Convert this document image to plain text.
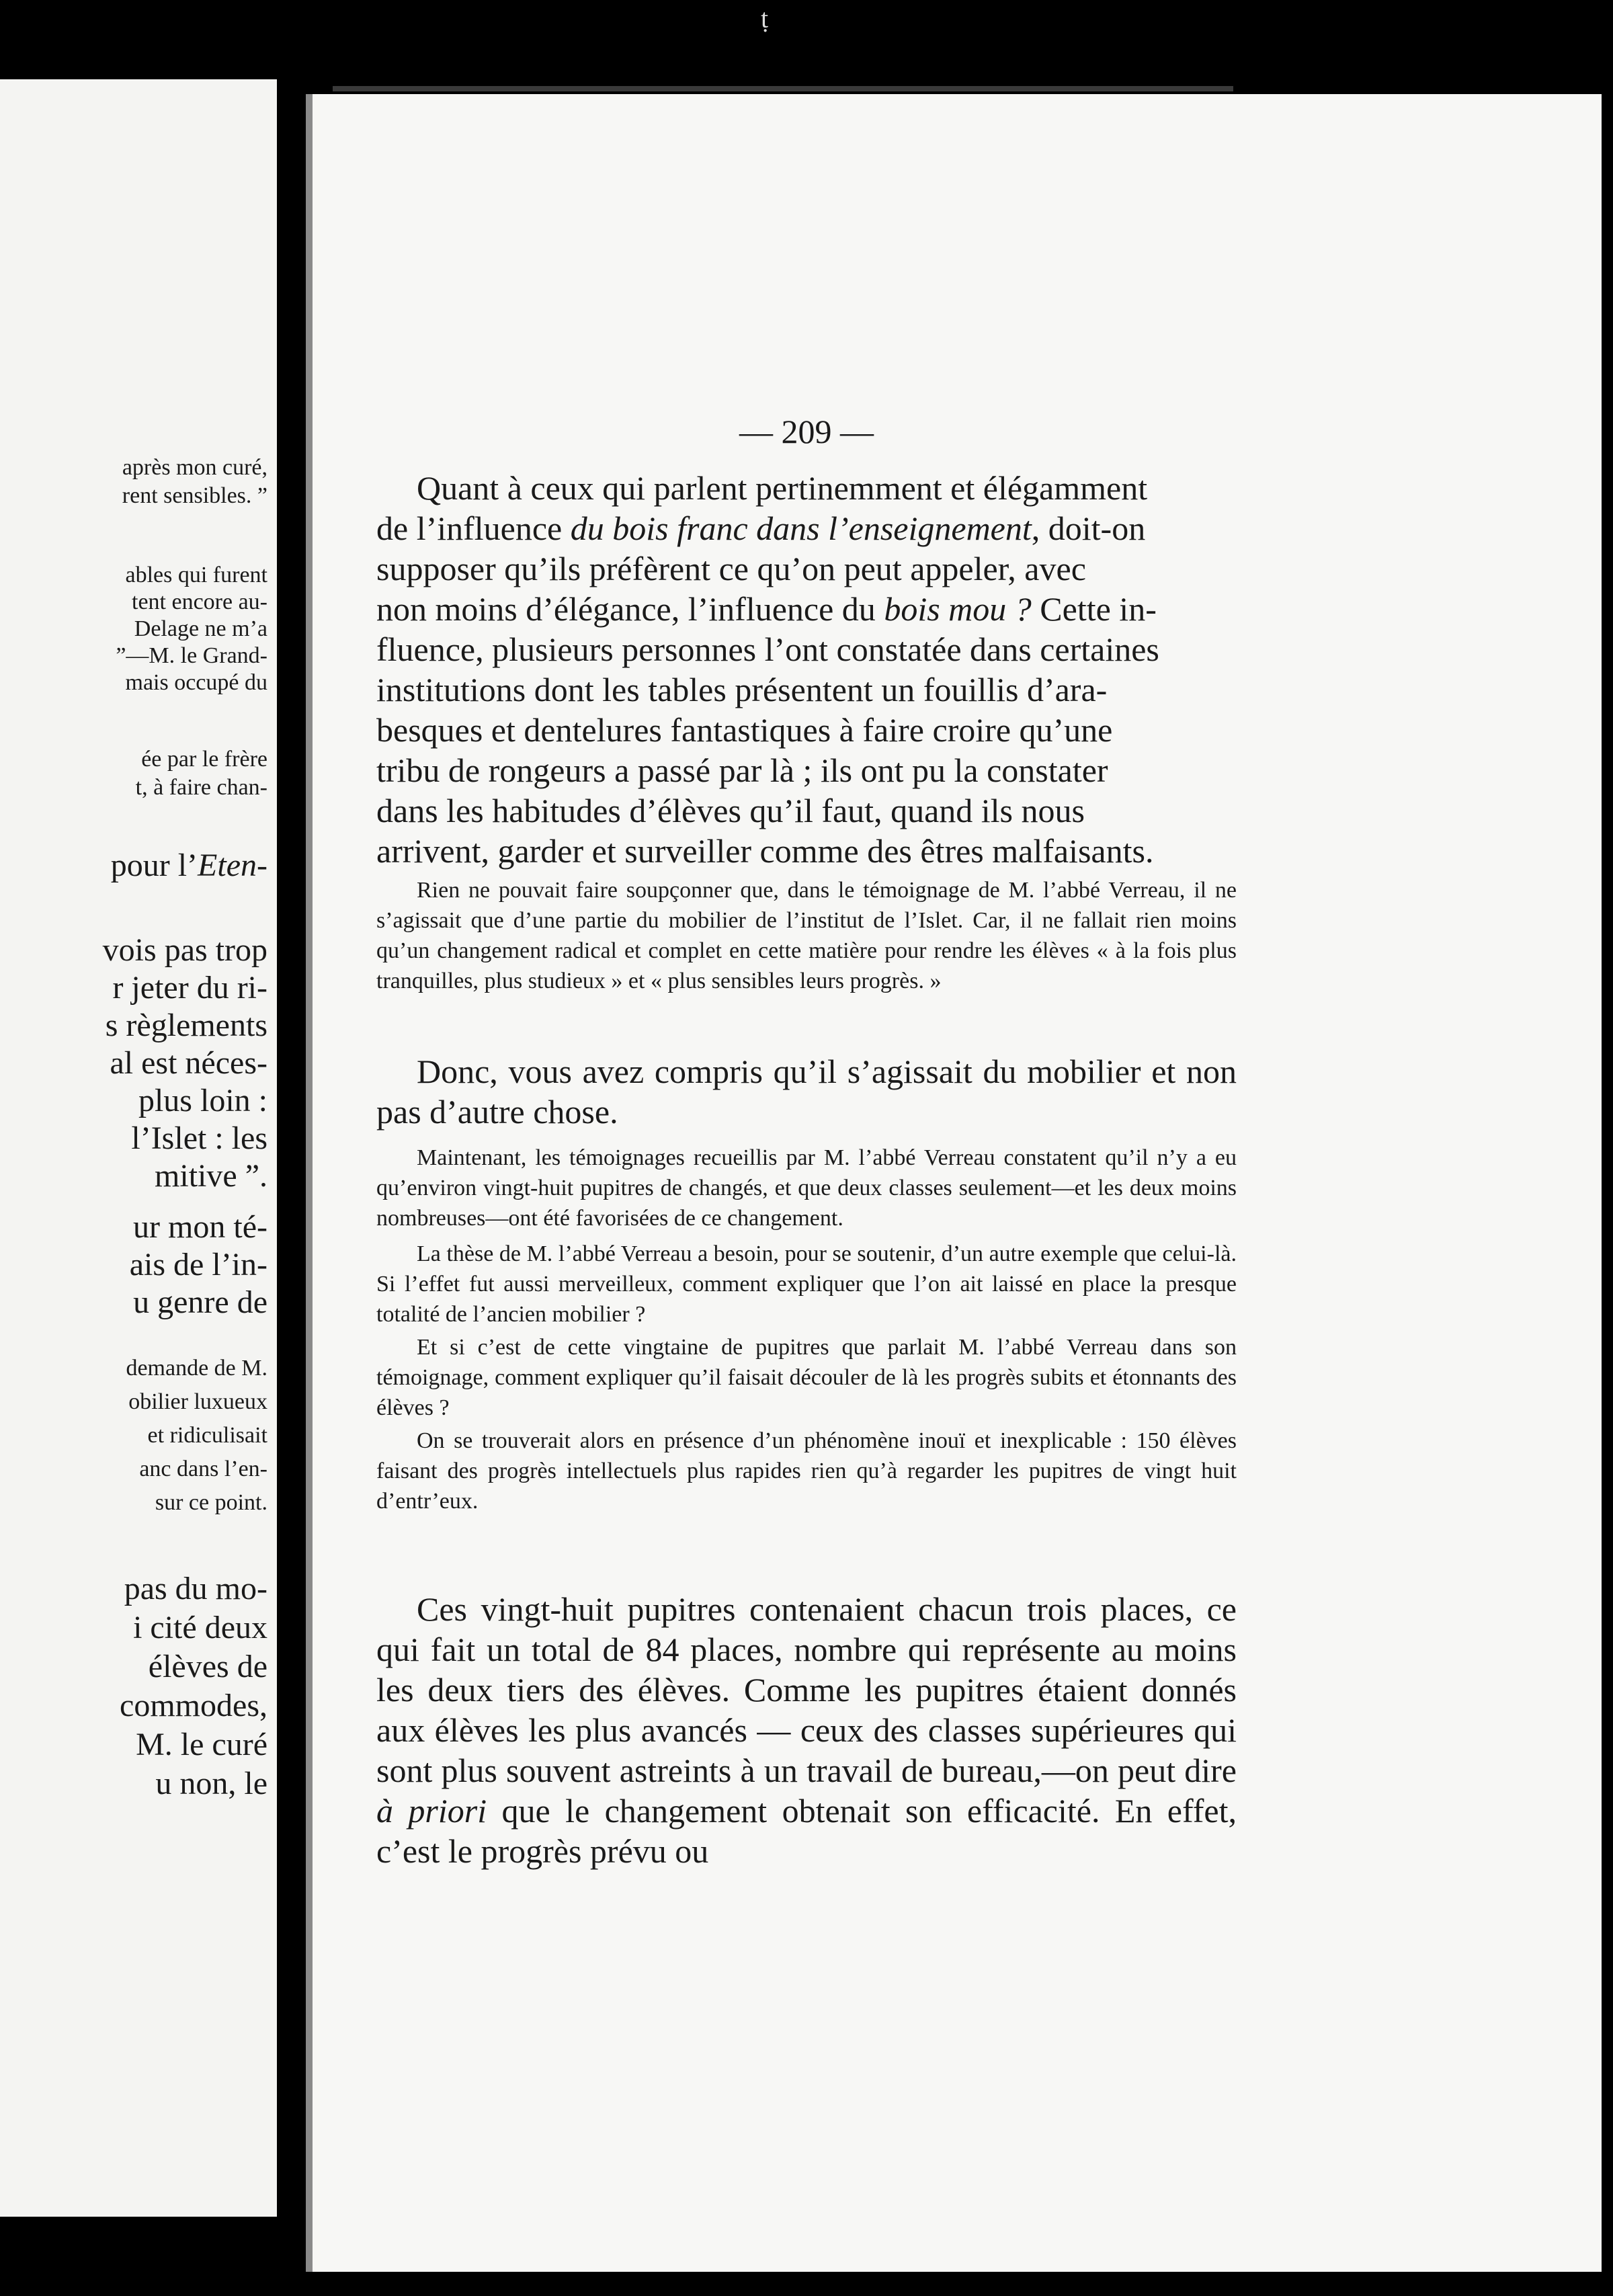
après mon curé,

rent sensibles. ”

ables qui furent

tent encore au-

Delage ne m’a

”—M. le Grand-

mais occupé du

ée par le frère

t, à faire chan-

pour l’Eten-

vois pas trop

r jeter du ri-

s règlements

al est néces-

plus loin :

l’Islet : les

mitive ”.

ur mon té-

ais de l’in-

u genre de

demande de M.

obilier luxueux

et ridiculisait

anc dans l’en-

sur ce point.

pas du mo-

i cité deux

élèves de

commodes,

M. le curé

u non, le

ṭ
— 209 —

Quant à ceux qui parlent pertinemment et élégamment

de l’influence du bois franc dans l’enseignement, doit-on

supposer qu’ils préfèrent ce qu’on peut appeler, avec

non moins d’élégance, l’influence du bois mou ? Cette in-

fluence, plusieurs personnes l’ont constatée dans certaines

institutions dont les tables présentent un fouillis d’ara-

besques et dentelures fantastiques à faire croire qu’une

tribu de rongeurs a passé par là ; ils ont pu la constater

dans les habitudes d’élèves qu’il faut, quand ils nous

arrivent, garder et surveiller comme des êtres malfaisants.

Rien ne pouvait faire soupçonner que, dans le témoignage de M. l’abbé Verreau, il ne s’agissait que d’une partie du mobilier de l’institut de l’Islet. Car, il ne fallait rien moins qu’un changement radical et complet en cette matière pour rendre les élèves « à la fois plus tranquilles, plus studieux » et « plus sensibles leurs progrès. »

Donc, vous avez compris qu’il s’agissait du mobilier et non pas d’autre chose.

Maintenant, les témoignages recueillis par M. l’abbé Verreau constatent qu’il n’y a eu qu’environ vingt-huit pupitres de changés, et que deux classes seulement—et les deux moins nombreuses—ont été favorisées de ce changement.

La thèse de M. l’abbé Verreau a besoin, pour se soutenir, d’un autre exemple que celui-là. Si l’effet fut aussi merveilleux, comment expliquer que l’on ait laissé en place la presque totalité de l’ancien mobilier ?

Et si c’est de cette vingtaine de pupitres que parlait M. l’abbé Verreau dans son témoignage, comment expliquer qu’il faisait découler de là les progrès subits et étonnants des élèves ?

On se trouverait alors en présence d’un phénomène inouï et inexplicable : 150 élèves faisant des progrès intellectuels plus rapides rien qu’à regarder les pupitres de vingt huit d’entr’eux.

Ces vingt-huit pupitres contenaient chacun trois places, ce qui fait un total de 84 places, nombre qui représente au moins les deux tiers des élèves. Comme les pupitres étaient donnés aux élèves les plus avancés — ceux des classes supérieures qui sont plus souvent astreints à un travail de bureau,—on peut dire à priori que le changement obtenait son efficacité. En effet, c’est le progrès prévu ou
